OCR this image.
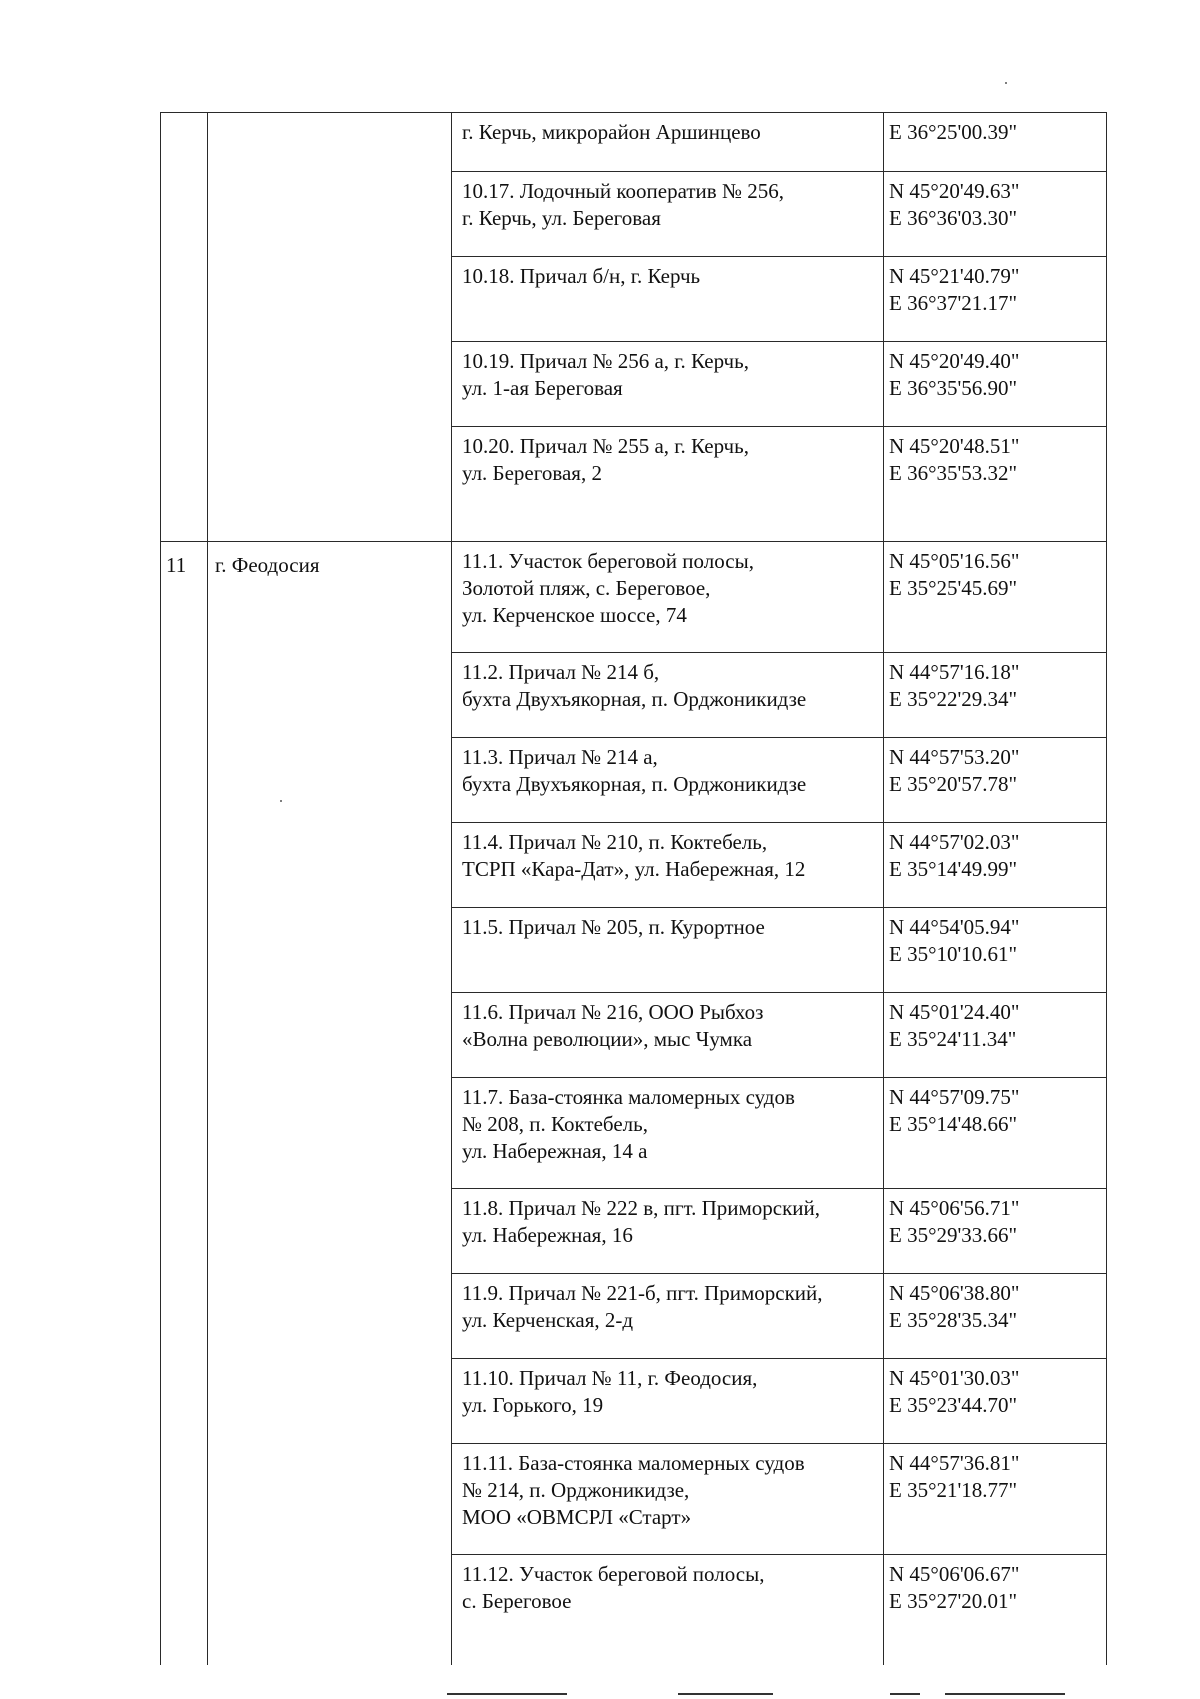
		г. Керчь, микрорайон Аршинцево	E 36°25'00.39"

		10.17. Лодочный кооператив № 256,
г. Керчь, ул. Береговая	N 45°20'49.63"
E 36°36'03.30"

		10.18. Причал б/н, г. Керчь	N 45°21'40.79"
E 36°37'21.17"

		10.19. Причал № 256 а, г. Керчь,
ул. 1-ая Береговая	N 45°20'49.40"
E 36°35'56.90"

		10.20. Причал № 255 а, г. Керчь,
ул. Береговая, 2	N 45°20'48.51"
E 36°35'53.32"

11	г. Феодосия	11.1. Участок береговой полосы,
Золотой пляж, с. Береговое,
ул. Керченское шоссе, 74	N 45°05'16.56"
E 35°25'45.69"

		11.2. Причал № 214 б,
бухта Двухъякорная, п. Орджоникидзе	N 44°57'16.18"
E 35°22'29.34"

		11.3. Причал № 214 а,
бухта Двухъякорная, п. Орджоникидзе	N 44°57'53.20"
E 35°20'57.78"

		11.4. Причал № 210, п. Коктебель,
ТСРП «Кара-Дат», ул. Набережная, 12	N 44°57'02.03"
E 35°14'49.99"

		11.5. Причал № 205, п. Курортное	N 44°54'05.94"
E 35°10'10.61"

		11.6. Причал № 216, ООО Рыбхоз
«Волна революции», мыс Чумка	N 45°01'24.40"
E 35°24'11.34"

		11.7. База-стоянка маломерных судов
№ 208, п. Коктебель,
ул. Набережная, 14 а	N 44°57'09.75"
E 35°14'48.66"

		11.8. Причал № 222 в, пгт. Приморский,
ул. Набережная, 16	N 45°06'56.71"
E 35°29'33.66"

		11.9. Причал № 221-б, пгт. Приморский,
ул. Керченская, 2-д	N 45°06'38.80"
E 35°28'35.34"

		11.10. Причал № 11, г. Феодосия,
ул. Горького, 19	N 45°01'30.03"
E 35°23'44.70"

		11.11. База-стоянка маломерных судов
№ 214, п. Орджоникидзе,
МОО «ОВМСРЛ «Старт»	N 44°57'36.81"
E 35°21'18.77"

		11.12. Участок береговой полосы,
с. Береговое	N 45°06'06.67"
E 35°27'20.01"
